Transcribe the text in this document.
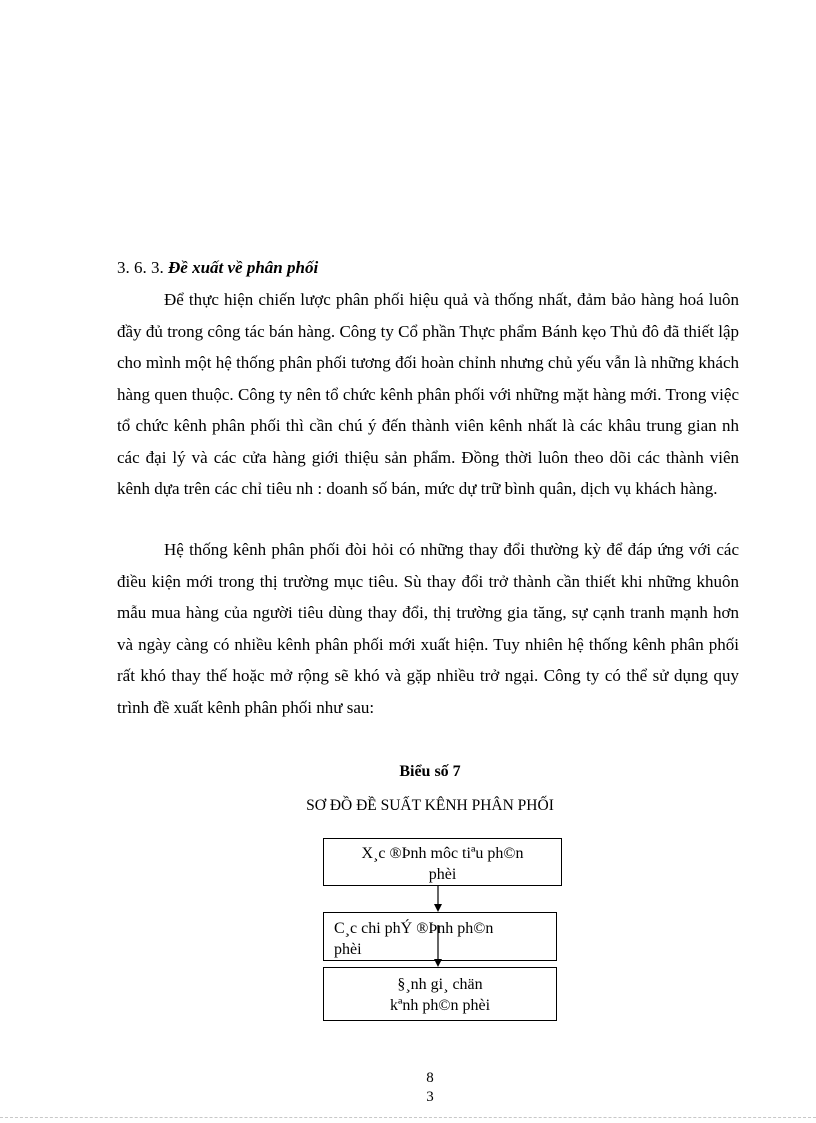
3. 6. 3. Đề xuất về phân phối

Để thực hiện chiến lược phân phối hiệu quả và thống nhất, đảm bảo hàng hoá luôn đầy đủ trong công tác bán hàng. Công ty Cổ phần Thực phẩm Bánh kẹo Thủ đô đã thiết lập cho mình một hệ thống phân phối tương đối hoàn chỉnh nhưng chủ yếu vẫn là những khách hàng quen thuộc. Công ty nên tổ chức kênh phân phối với những mặt hàng mới. Trong việc tổ chức kênh phân phối thì cần chú ý đến thành viên kênh nhất là các khâu trung gian nh các đại lý và các cửa hàng giới thiệu sản phẩm. Đồng thời luôn theo dõi các thành viên kênh dựa trên các chỉ tiêu nh : doanh số bán, mức dự trữ bình quân, dịch vụ khách hàng.

Hệ thống kênh phân phối đòi hỏi có những thay đổi thường kỳ để đáp ứng với các điều kiện mới trong thị trường mục tiêu. Sù thay đổi trở thành cần thiết khi những khuôn mẫu mua hàng của người tiêu dùng thay đổi, thị trường gia tăng, sự cạnh tranh mạnh hơn và ngày càng có nhiều kênh phân phối mới xuất hiện. Tuy nhiên hệ thống kênh phân phối rất khó thay thế hoặc mở rộng sẽ khó và gặp nhiều trở ngại. Công ty có thể sử dụng quy trình đề xuất kênh phân phối như sau:

Biểu số 7
SƠ ĐỒ ĐỀ SUẤT KÊNH PHÂN PHỐI
X¸c ®Þnh môc tiªu ph©n
phèi
C¸c chi phÝ ®Þnh ph©n
phèi
§¸nh gi¸ chän
kªnh ph©n phèi
8
3
